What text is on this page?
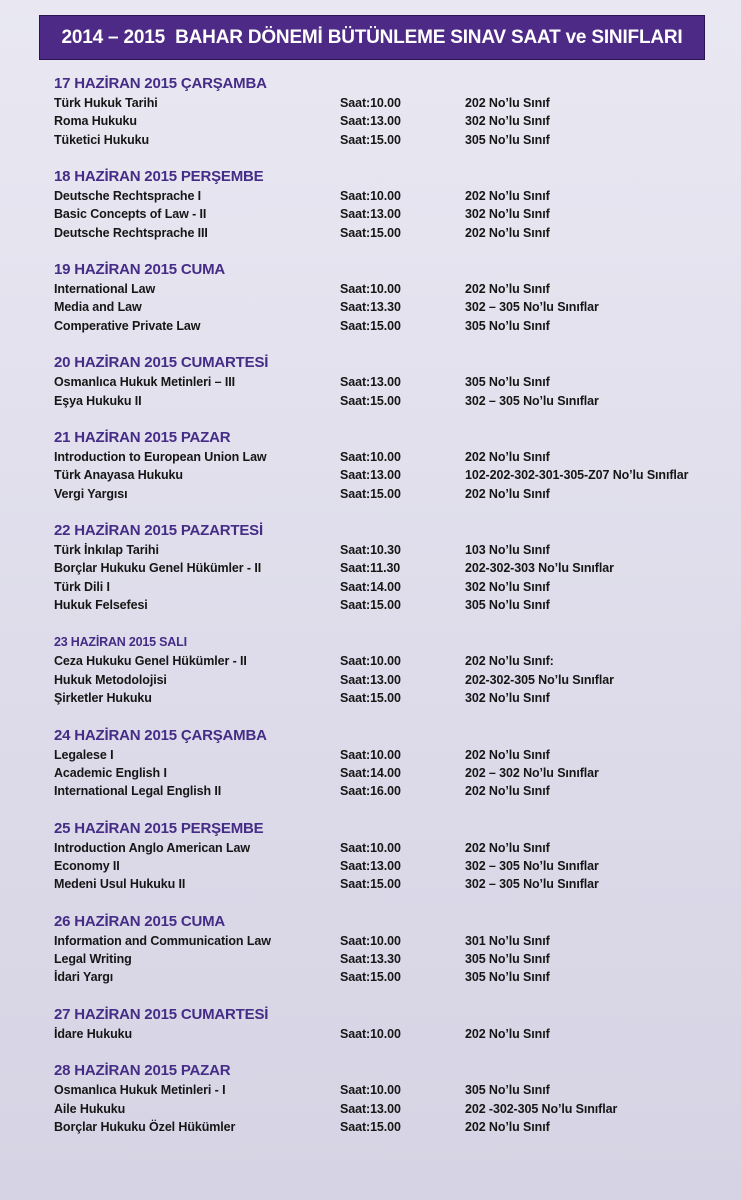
2014 – 2015  BAHAR DÖNEMİ BÜTÜNLEME SINAV SAAT ve SINIFLARI
17 HAZİRAN 2015 ÇARŞAMBA
Türk Hukuk Tarihi	Saat:10.00	202 No’lu Sınıf
Roma Hukuku	Saat:13.00	302 No’lu Sınıf
Tüketici Hukuku	Saat:15.00	305 No’lu Sınıf
18 HAZİRAN 2015 PERŞEMBE
Deutsche Rechtsprache I	Saat:10.00	202 No’lu Sınıf
Basic Concepts of Law - II	Saat:13.00	302 No’lu Sınıf
Deutsche Rechtsprache III	Saat:15.00	202 No’lu Sınıf
19 HAZİRAN 2015 CUMA
International Law	Saat:10.00	202 No’lu Sınıf
Media and Law	Saat:13.30	302 – 305 No’lu Sınıflar
Comperative Private Law	Saat:15.00	305 No’lu Sınıf
20 HAZİRAN 2015 CUMARTESİ
Osmanlıca Hukuk Metinleri – III	Saat:13.00	305 No’lu Sınıf
Eşya Hukuku II	Saat:15.00	302 – 305 No’lu Sınıflar
21 HAZİRAN 2015 PAZAR
Introduction to European Union Law	Saat:10.00	202 No’lu Sınıf
Türk Anayasa Hukuku	Saat:13.00	102-202-302-301-305-Z07 No’lu Sınıflar
Vergi Yargısı	Saat:15.00	202 No’lu Sınıf
22 HAZİRAN 2015 PAZARTESİ
Türk İnkılap Tarihi	Saat:10.30	103 No’lu Sınıf
Borçlar Hukuku Genel Hükümler - II	Saat:11.30	202-302-303 No’lu Sınıflar
Türk Dili I	Saat:14.00	302 No’lu Sınıf
Hukuk Felsefesi	Saat:15.00	305 No’lu Sınıf
23 HAZİRAN 2015 SALI
Ceza Hukuku Genel Hükümler - II	Saat:10.00	202 No’lu Sınıf:
Hukuk Metodolojisi	Saat:13.00	202-302-305 No’lu Sınıflar
Şirketler Hukuku	Saat:15.00	302 No’lu Sınıf
24 HAZİRAN 2015 ÇARŞAMBA
Legalese I	Saat:10.00	202 No’lu Sınıf
Academic English I	Saat:14.00	202 – 302 No’lu Sınıflar
International Legal English II	Saat:16.00	202 No’lu Sınıf
25 HAZİRAN 2015 PERŞEMBE
Introduction Anglo American Law	Saat:10.00	202 No’lu Sınıf
Economy II	Saat:13.00	302 – 305 No’lu Sınıflar
Medeni Usul Hukuku II	Saat:15.00	302 – 305 No’lu Sınıflar
26 HAZİRAN 2015 CUMA
Information and Communication Law	Saat:10.00	301 No’lu Sınıf
Legal Writing	Saat:13.30	305 No’lu Sınıf
İdari Yargı	Saat:15.00	305 No’lu Sınıf
27 HAZİRAN 2015 CUMARTESİ
İdare Hukuku	Saat:10.00	202 No’lu Sınıf
28 HAZİRAN 2015 PAZAR
Osmanlıca Hukuk Metinleri - I	Saat:10.00	305 No’lu Sınıf
Aile Hukuku	Saat:13.00	202 -302-305 No’lu Sınıflar
Borçlar Hukuku Özel Hükümler	Saat:15.00	202 No’lu Sınıf
